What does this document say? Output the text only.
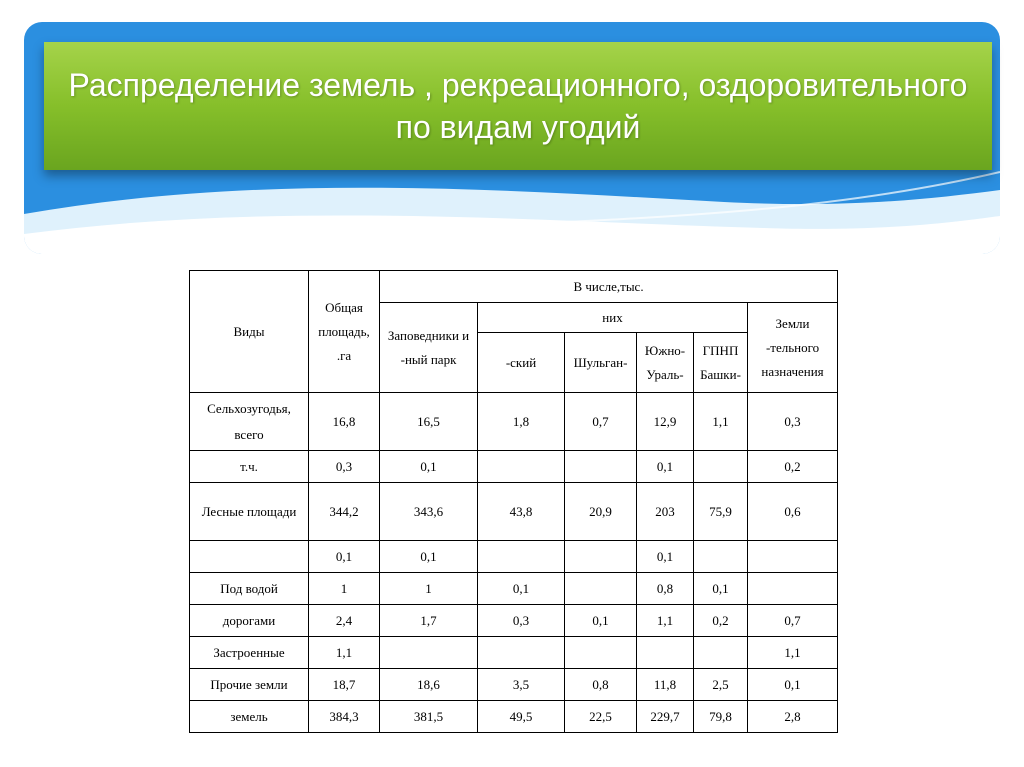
Распределение земель , рекреационного, оздоровительного
по видам угодий
Виды	Общая площадь, .га	В числе,тыс.					
		Заповедники и -ный парк	них				Земли -тельного назначения
			-ский	Шульган-	Южно-Ураль-	ГПНП Башки-	
Сельхозугодья, всего	16,8	16,5	1,8	0,7	12,9	1,1	0,3
т.ч.	0,3	0,1			0,1		0,2
Лесные площади	344,2	343,6	43,8	20,9	203	75,9	0,6
	0,1	0,1			0,1		
Под водой	1	1	0,1		0,8	0,1	
дорогами	2,4	1,7	0,3	0,1	1,1	0,2	0,7
Застроенные	1,1						1,1
Прочие земли	18,7	18,6	3,5	0,8	11,8	2,5	0,1
земель	384,3	381,5	49,5	22,5	229,7	79,8	2,8
